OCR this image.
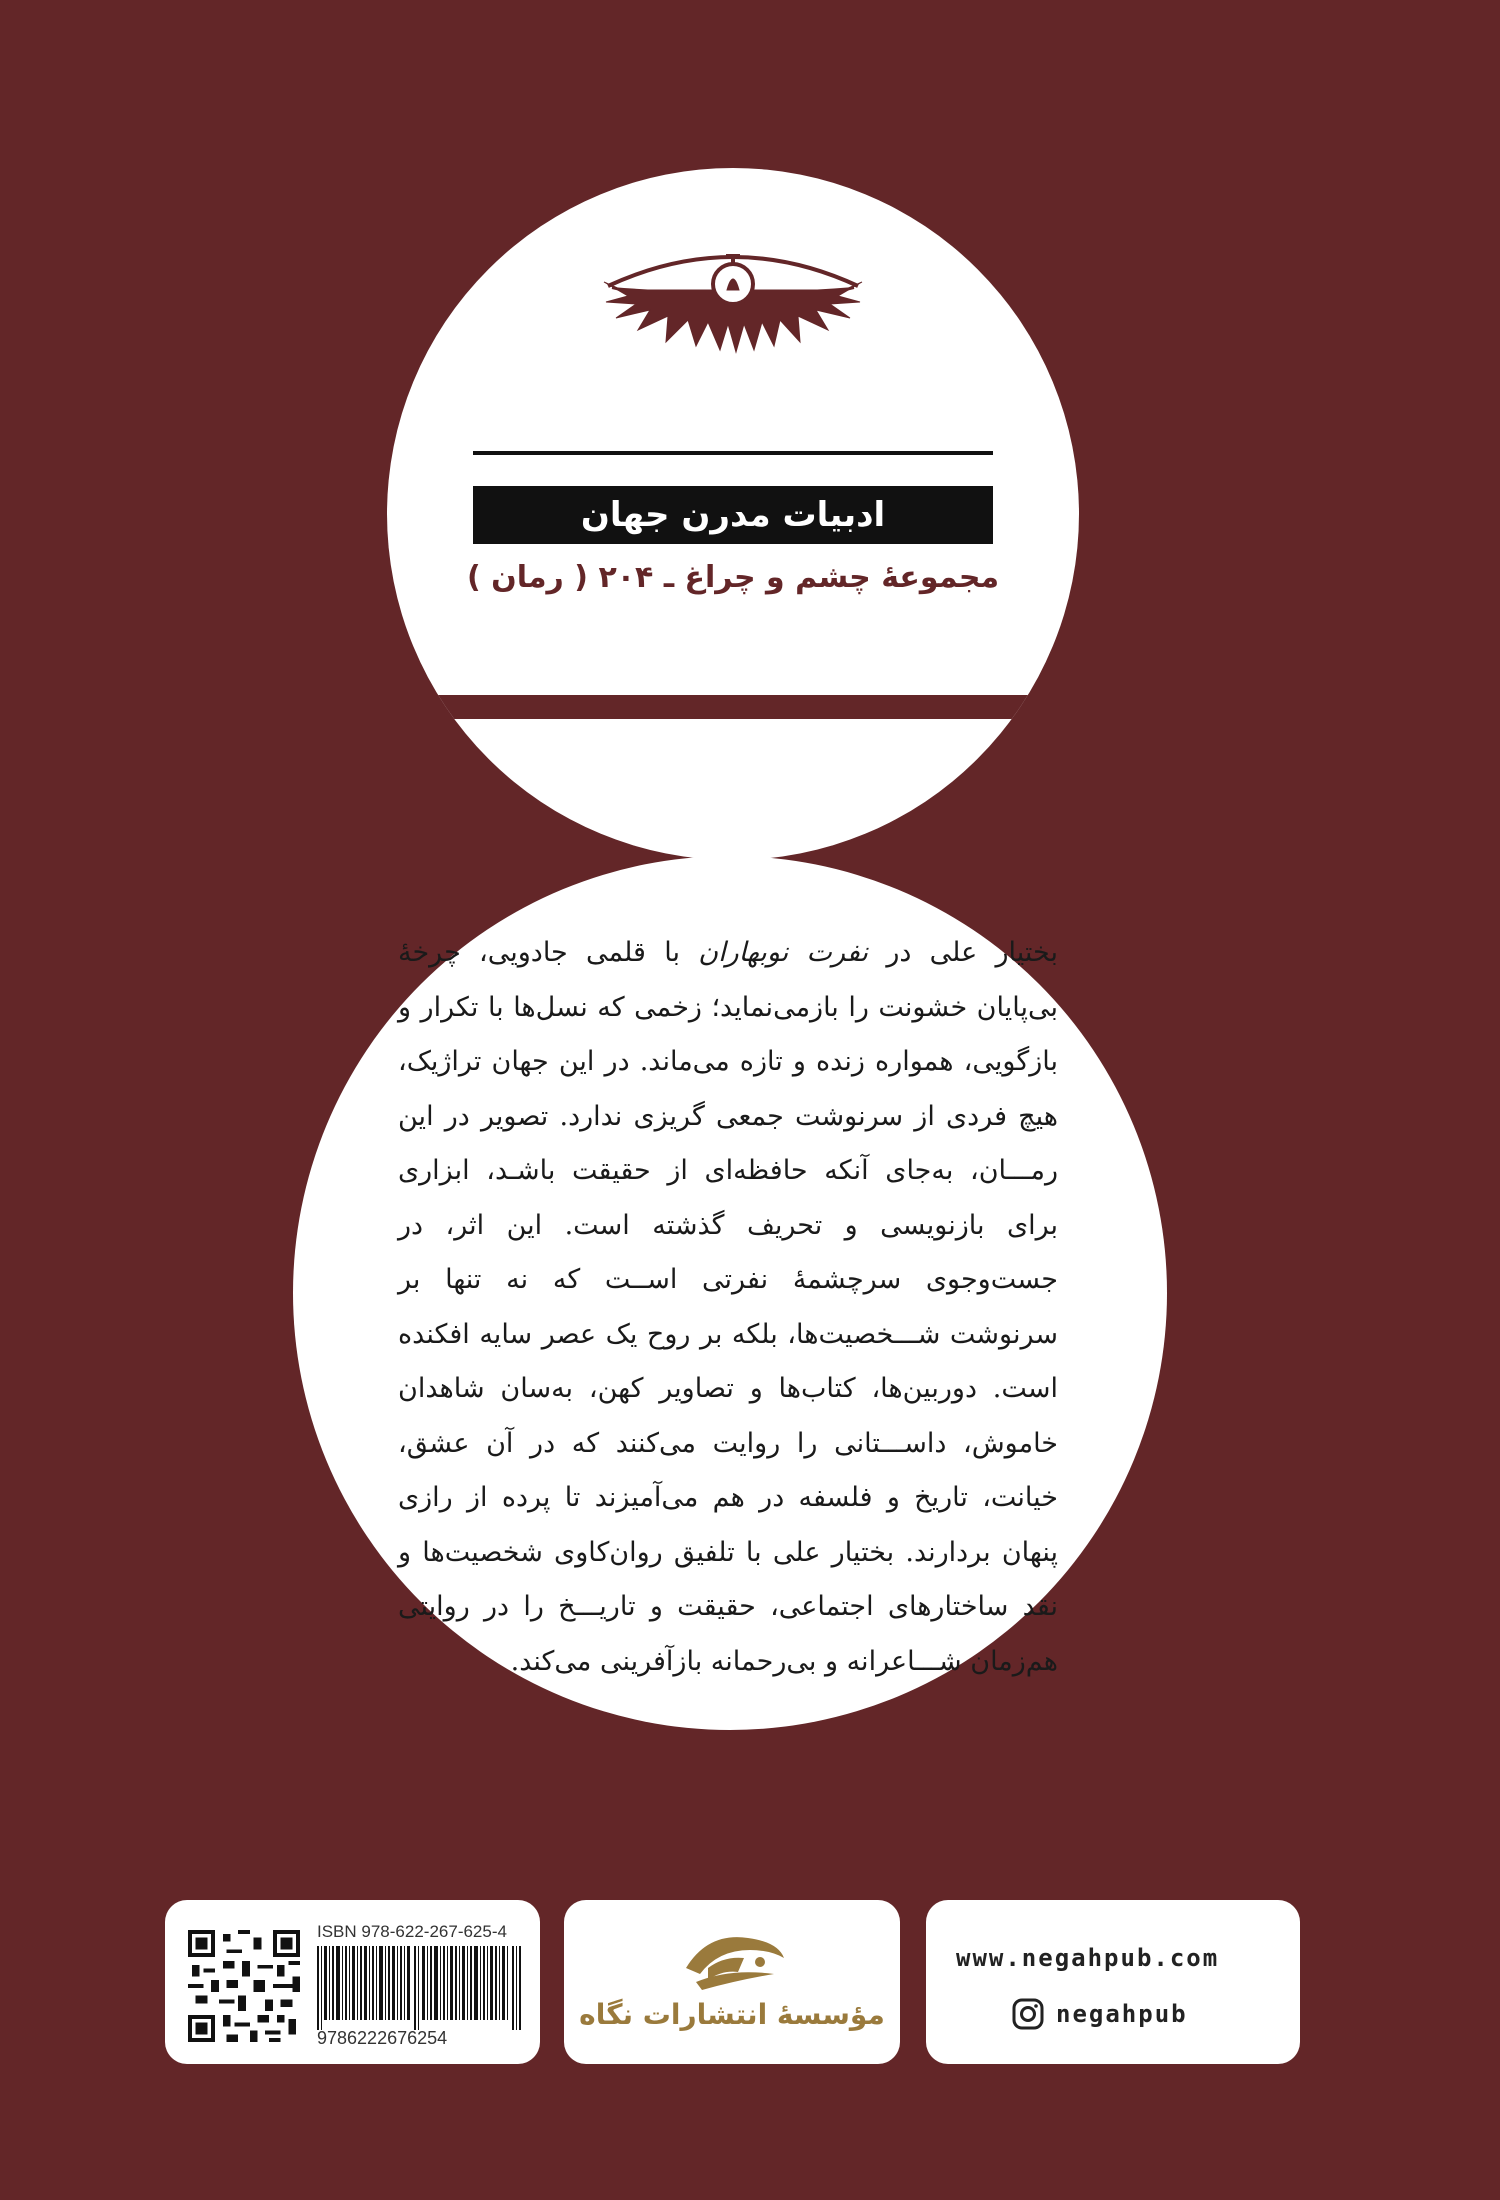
ادبیات مدرن جهان
مجموعۀ چشم و چراغ ـ ۲۰۴ ( رمان )
بختیار علی در نفرت نوبهاران با قلمی جادویی، چرخۀ بی‌پایان خشونت را بازمی‌نماید؛ زخمی که نسل‌ها با تکرار و بازگویی، همواره زنده و تازه می‌ماند. در این جهان تراژیک، هیچ فردی از سرنوشت جمعی گریزی ندارد. تصویر در این رمـــان، به‌جای آنکه حافظه‌ای از حقیقت باشـد، ابزاری برای بازنویسی و تحریف گذشته است. این اثر، در جست‌وجوی سرچشمۀ نفرتی اســت که نه تنها بر سرنوشت شـــخصیت‌ها، بلکه بر روح یک عصر سایه افکنده است. دوربین‌ها، کتاب‌ها و تصاویر کهن، به‌سان شاهدان خاموش، داســـتانی را روایت می‌کنند که در آن عشق، خیانت، تاریخ و فلسفه در هم می‌آمیزند تا پرده از رازی پنهان بردارند. بختیار علی با تلفیق روان‌کاوی شخصیت‌ها و نقد ساختارهای اجتماعی، حقیقت و تاریـــخ را در روایتی هم‌زمان شـــاعرانه و بی‌رحمانه بازآفرینی می‌کند.
ISBN 978-622-267-625-4
9786222676254
مؤسسۀ انتشارات نگاه
www.negahpub.com
negahpub
